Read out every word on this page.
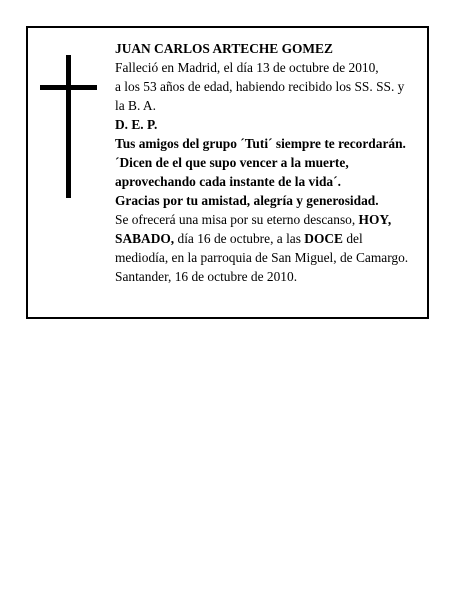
JUAN CARLOS ARTECHE GOMEZ
Falleció en Madrid, el día 13 de octubre de 2010,
a los 53 años de edad, habiendo recibido los SS. SS. y
la B. A.
D. E. P.
Tus amigos del grupo ´Tuti´ siempre te recordarán.
´Dicen de el que supo vencer a la muerte,
aprovechando cada instante de la vida´.
Gracias por tu amistad, alegría y generosidad.
Se ofrecerá una misa por su eterno descanso, HOY,
SABADO, día 16 de octubre, a las DOCE del
mediodía, en la parroquia de San Miguel, de Camargo.
Santander, 16 de octubre de 2010.
